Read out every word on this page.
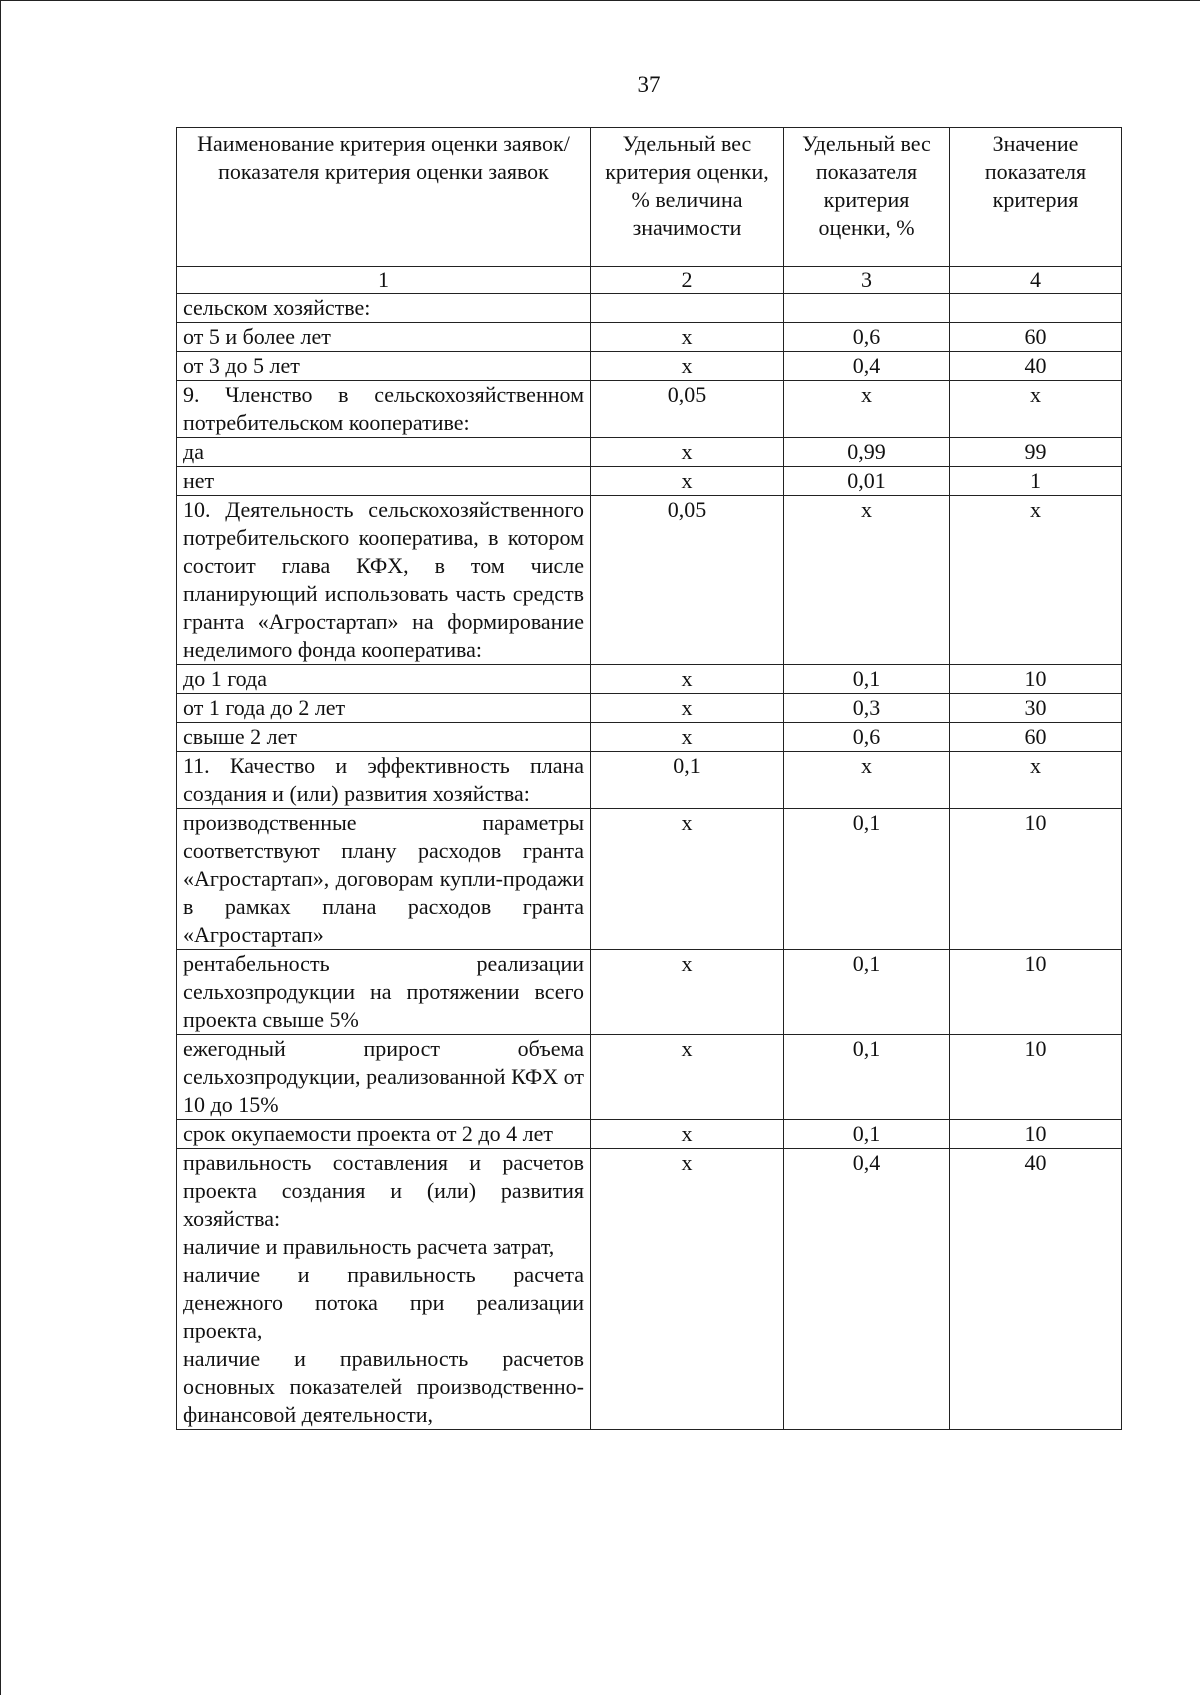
37
Наименование критерия оценки заявок/показателя критерия оценки заявок	Удельный вес критерия оценки, % величина значимости	Удельный вес показателя критерия оценки, %	Значение показателя критерия
1	2	3	4
сельском хозяйстве:			
от 5 и более лет	х	0,6	60
от 3 до 5 лет	х	0,4	40
9. Членство в сельскохозяйственном потребительском кооперативе:	0,05	х	х
да	х	0,99	99
нет	х	0,01	1
10. Деятельность сельскохозяйственного потребительского кооператива, в котором состоит глава КФХ, в том числе планирующий использовать часть средств гранта «Агростартап» на формирование неделимого фонда кооператива:	0,05	х	х
до 1 года	х	0,1	10
от 1 года до 2 лет	х	0,3	30
свыше 2 лет	х	0,6	60
11. Качество и эффективность плана создания и (или) развития хозяйства:	0,1	х	х
производственные параметры соответствуют плану расходов гранта «Агростартап», договорам купли-продажи в рамках плана расходов гранта «Агростартап»	х	0,1	10
рентабельность реализации сельхозпродукции на протяжении всего проекта свыше 5%	х	0,1	10
ежегодный прирост объема сельхозпродукции, реализованной КФХ от 10 до 15%	х	0,1	10
срок окупаемости проекта от 2 до 4 лет	х	0,1	10
правильность составления и расчетов проекта создания и (или) развития хозяйства:
наличие и правильность расчета затрат,
наличие и правильность расчета денежного потока при реализации проекта,
наличие и правильность расчетов основных показателей производственно-финансовой деятельности,	х	0,4	40
